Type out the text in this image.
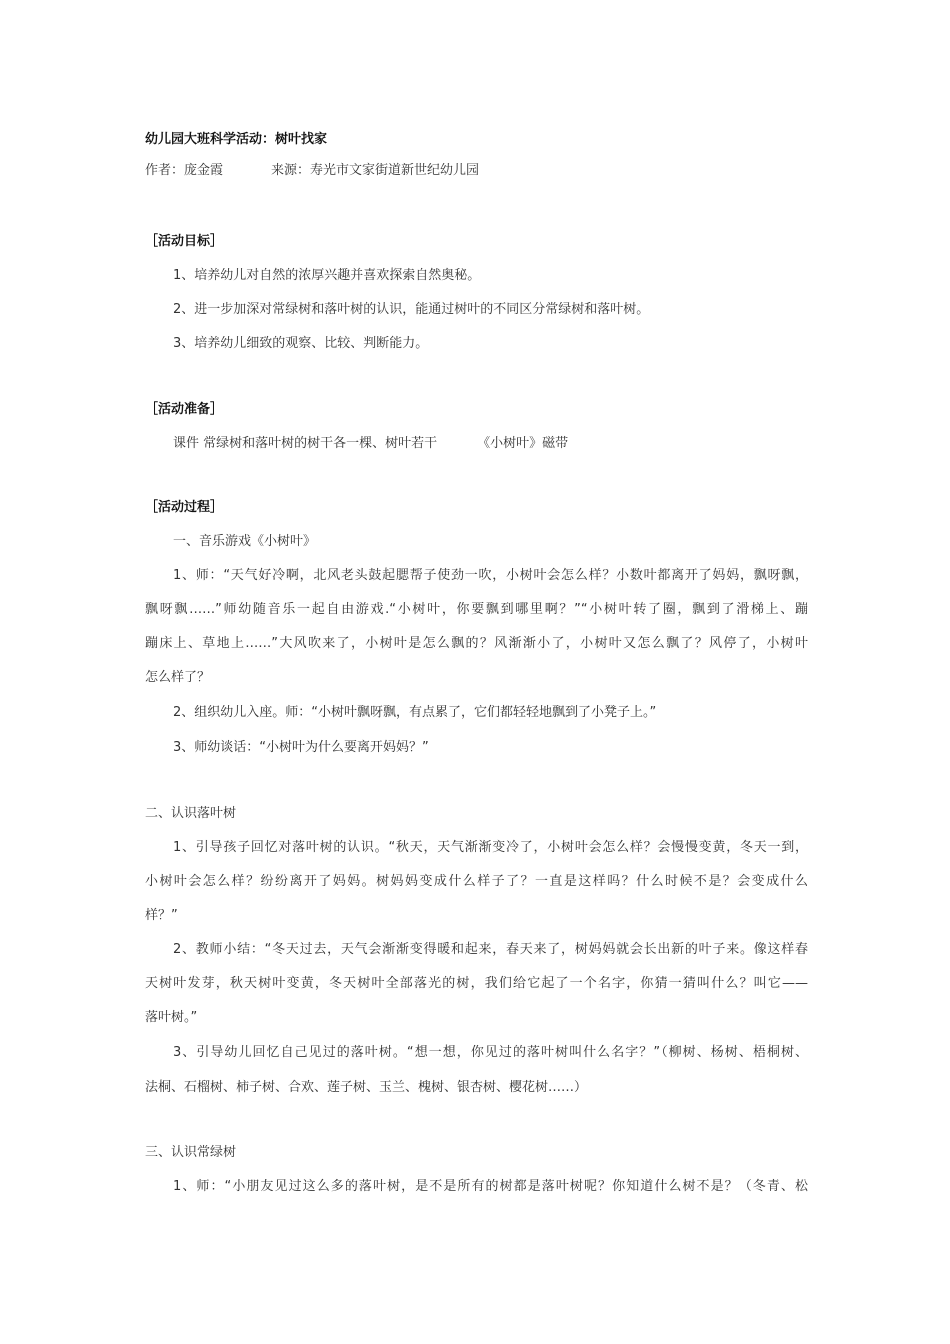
幼儿园大班科学活动：树叶找家
作者：庞金霞	来源：寿光市文家街道新世纪幼儿园
［活动目标］
1、培养幼儿对自然的浓厚兴趣并喜欢探索自然奥秘。
2、进一步加深对常绿树和落叶树的认识，能通过树叶的不同区分常绿树和落叶树。
3、培养幼儿细致的观察、比较、判断能力。
［活动准备］
课件 常绿树和落叶树的树干各一棵、树叶若干	《小树叶》磁带
［活动过程］
一、音乐游戏《小树叶》
1、师：“天气好冷啊，北风老头鼓起腮帮子使劲一吹，小树叶会怎么样？小数叶都离开了妈妈，飘呀飘，
飘呀飘……”师幼随音乐一起自由游戏.“小树叶，你要飘到哪里啊？”“小树叶转了圈，飘到了滑梯上、蹦
蹦床上、草地上……”大风吹来了，小树叶是怎么飘的？风渐渐小了，小树叶又怎么飘了？风停了，小树叶
怎么样了？
2、组织幼儿入座。师：“小树叶飘呀飘，有点累了，它们都轻轻地飘到了小凳子上。”
3、师幼谈话：“小树叶为什么要离开妈妈？”
二、认识落叶树
1、引导孩子回忆对落叶树的认识。“秋天，天气渐渐变冷了，小树叶会怎么样？会慢慢变黄，冬天一到，
小树叶会怎么样？纷纷离开了妈妈。树妈妈变成什么样子了？一直是这样吗？什么时候不是？会变成什么
样？”
2、教师小结：“冬天过去，天气会渐渐变得暖和起来，春天来了，树妈妈就会长出新的叶子来。像这样春
天树叶发芽，秋天树叶变黄，冬天树叶全部落光的树，我们给它起了一个名字，你猜一猜叫什么？叫它——
落叶树。”
3、引导幼儿回忆自己见过的落叶树。“想一想，你见过的落叶树叫什么名字？”（柳树、杨树、梧桐树、
法桐、石榴树、柿子树、合欢、莲子树、玉兰、槐树、银杏树、樱花树……）
三、认识常绿树
1、师：“小朋友见过这么多的落叶树，是不是所有的树都是落叶树呢？你知道什么树不是？（冬青、松
